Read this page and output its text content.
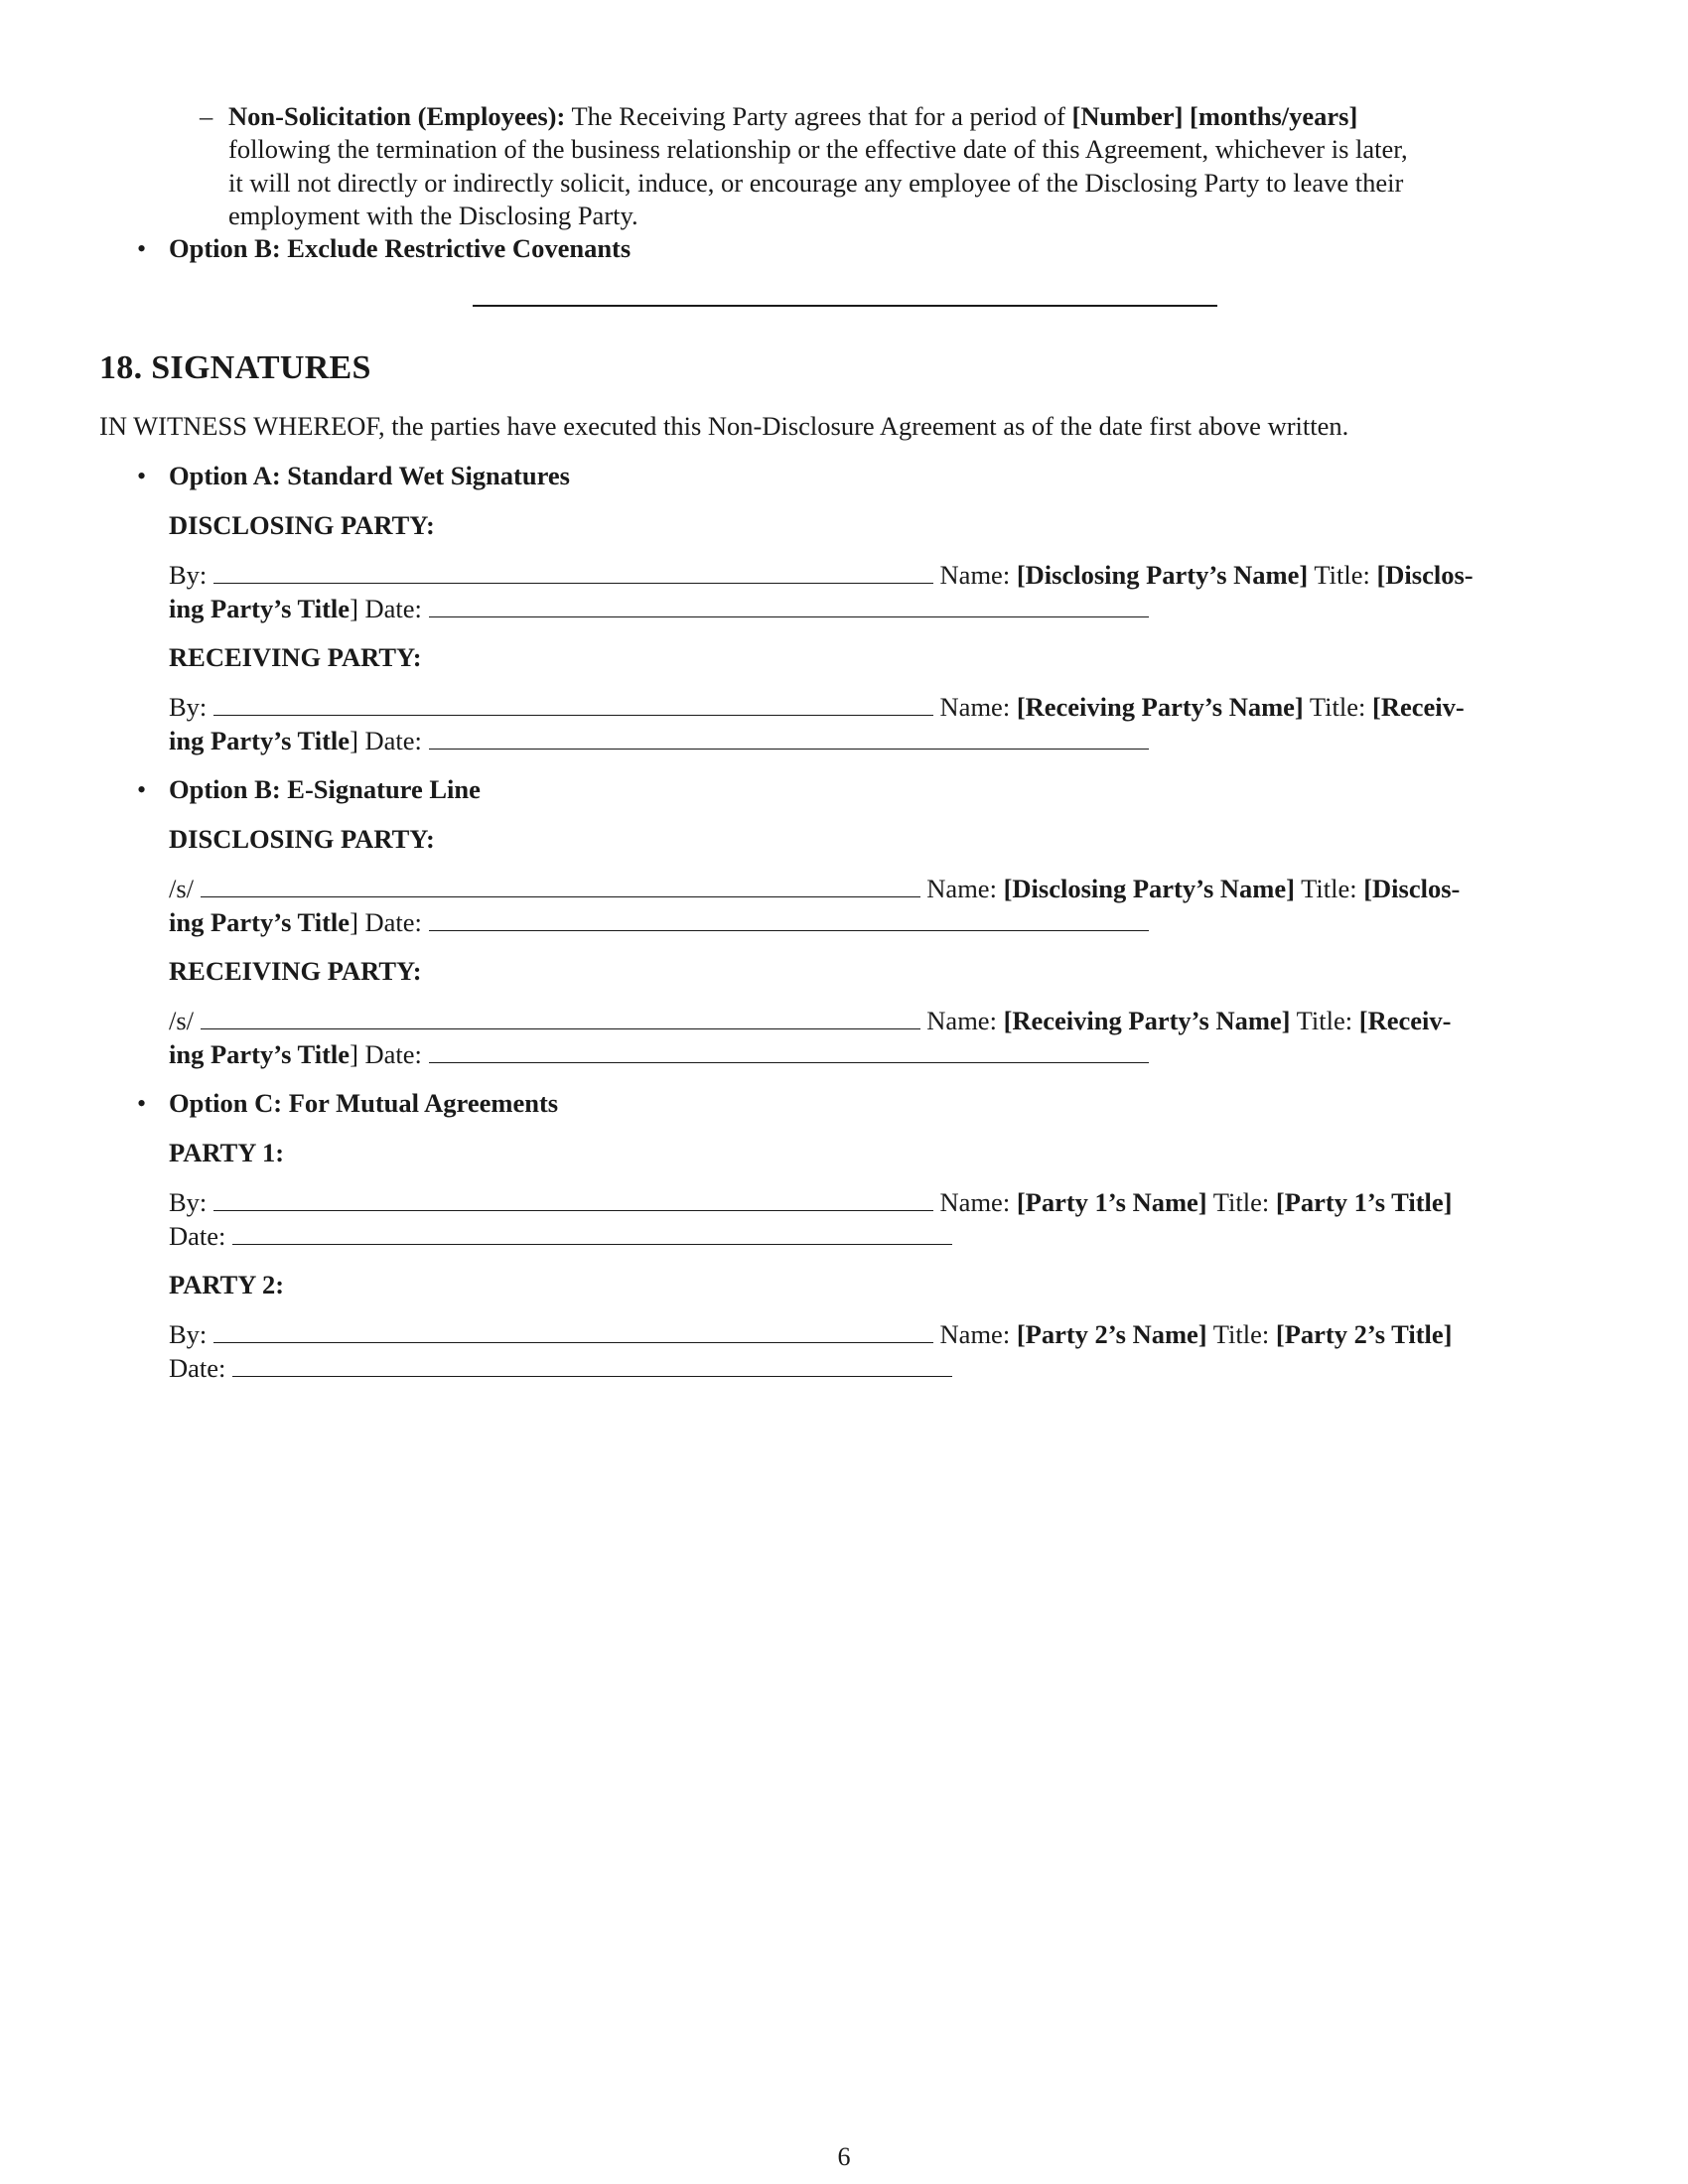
– Non-Solicitation (Employees): The Receiving Party agrees that for a period of [Number] [months/years]
following the termination of the business relationship or the effective date of this Agreement, whichever is later,
it will not directly or indirectly solicit, induce, or encourage any employee of the Disclosing Party to leave their
employment with the Disclosing Party.
• Option B: Exclude Restrictive Covenants
18. SIGNATURES
IN WITNESS WHEREOF, the parties have executed this Non-Disclosure Agreement as of the date first above written.
• Option A: Standard Wet Signatures
DISCLOSING PARTY:
By:	Name: [Disclosing Party’s Name] Title: [Disclos-
ing Party’s Title] Date:
RECEIVING PARTY:
By:	Name: [Receiving Party’s Name] Title: [Receiv-
ing Party’s Title] Date:
• Option B: E-Signature Line
DISCLOSING PARTY:
/s/	Name: [Disclosing Party’s Name] Title: [Disclos-
ing Party’s Title] Date:
RECEIVING PARTY:
/s/	Name: [Receiving Party’s Name] Title: [Receiv-
ing Party’s Title] Date:
• Option C: For Mutual Agreements
PARTY 1:
By:	Name: [Party 1’s Name] Title: [Party 1’s Title]
Date:
PARTY 2:
By:	Name: [Party 2’s Name] Title: [Party 2’s Title]
Date:
6
